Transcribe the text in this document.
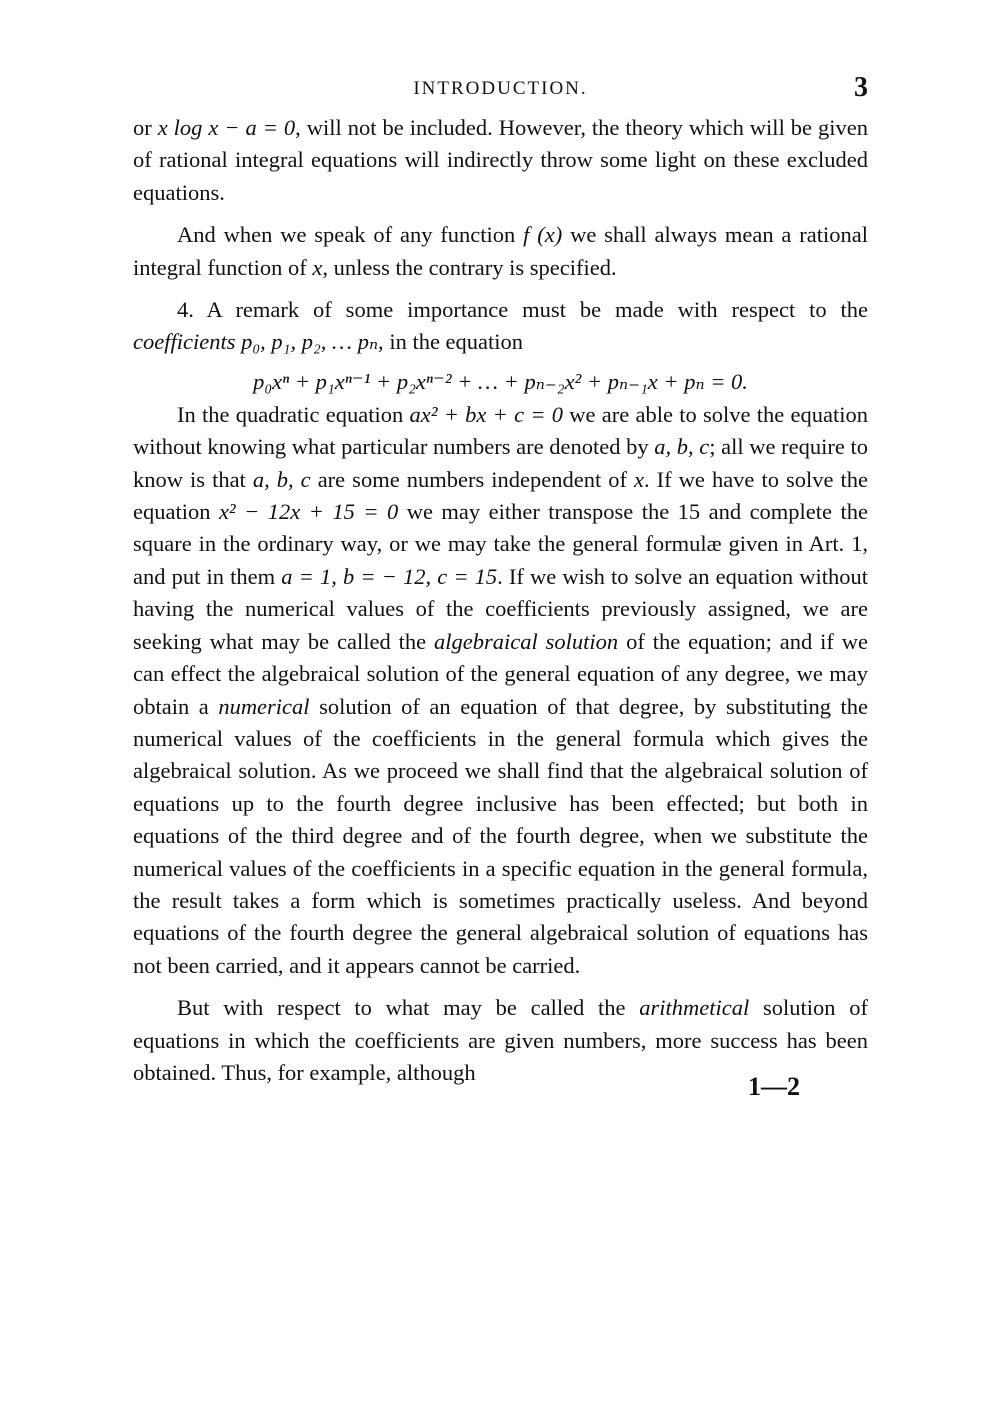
INTRODUCTION.	3

or x log x − a = 0, will not be included. However, the theory which will be given of rational integral equations will indirectly throw some light on these excluded equations.

And when we speak of any function f (x) we shall always mean a rational integral function of x, unless the contrary is specified.

4. A remark of some importance must be made with respect to the coefficients p₀, p₁, p₂, … pₙ, in the equation

p₀xⁿ + p₁xⁿ⁻¹ + p₂xⁿ⁻² + … + pₙ₋₂x² + pₙ₋₁x + pₙ = 0.

In the quadratic equation ax² + bx + c = 0 we are able to solve the equation without knowing what particular numbers are denoted by a, b, c; all we require to know is that a, b, c are some numbers independent of x. If we have to solve the equation x² − 12x + 15 = 0 we may either transpose the 15 and complete the square in the ordinary way, or we may take the general formulæ given in Art. 1, and put in them a = 1, b = − 12, c = 15. If we wish to solve an equation without having the numerical values of the coefficients previously assigned, we are seeking what may be called the algebraical solution of the equation; and if we can effect the algebraical solution of the general equation of any degree, we may obtain a numerical solution of an equation of that degree, by substituting the numerical values of the coefficients in the general formula which gives the algebraical solution. As we proceed we shall find that the algebraical solution of equations up to the fourth degree inclusive has been effected; but both in equations of the third degree and of the fourth degree, when we substitute the numerical values of the coefficients in a specific equation in the general formula, the result takes a form which is sometimes practically useless. And beyond equations of the fourth degree the general algebraical solution of equations has not been carried, and it appears cannot be carried.

But with respect to what may be called the arithmetical solution of equations in which the coefficients are given numbers, more success has been obtained. Thus, for example, although	1—2
